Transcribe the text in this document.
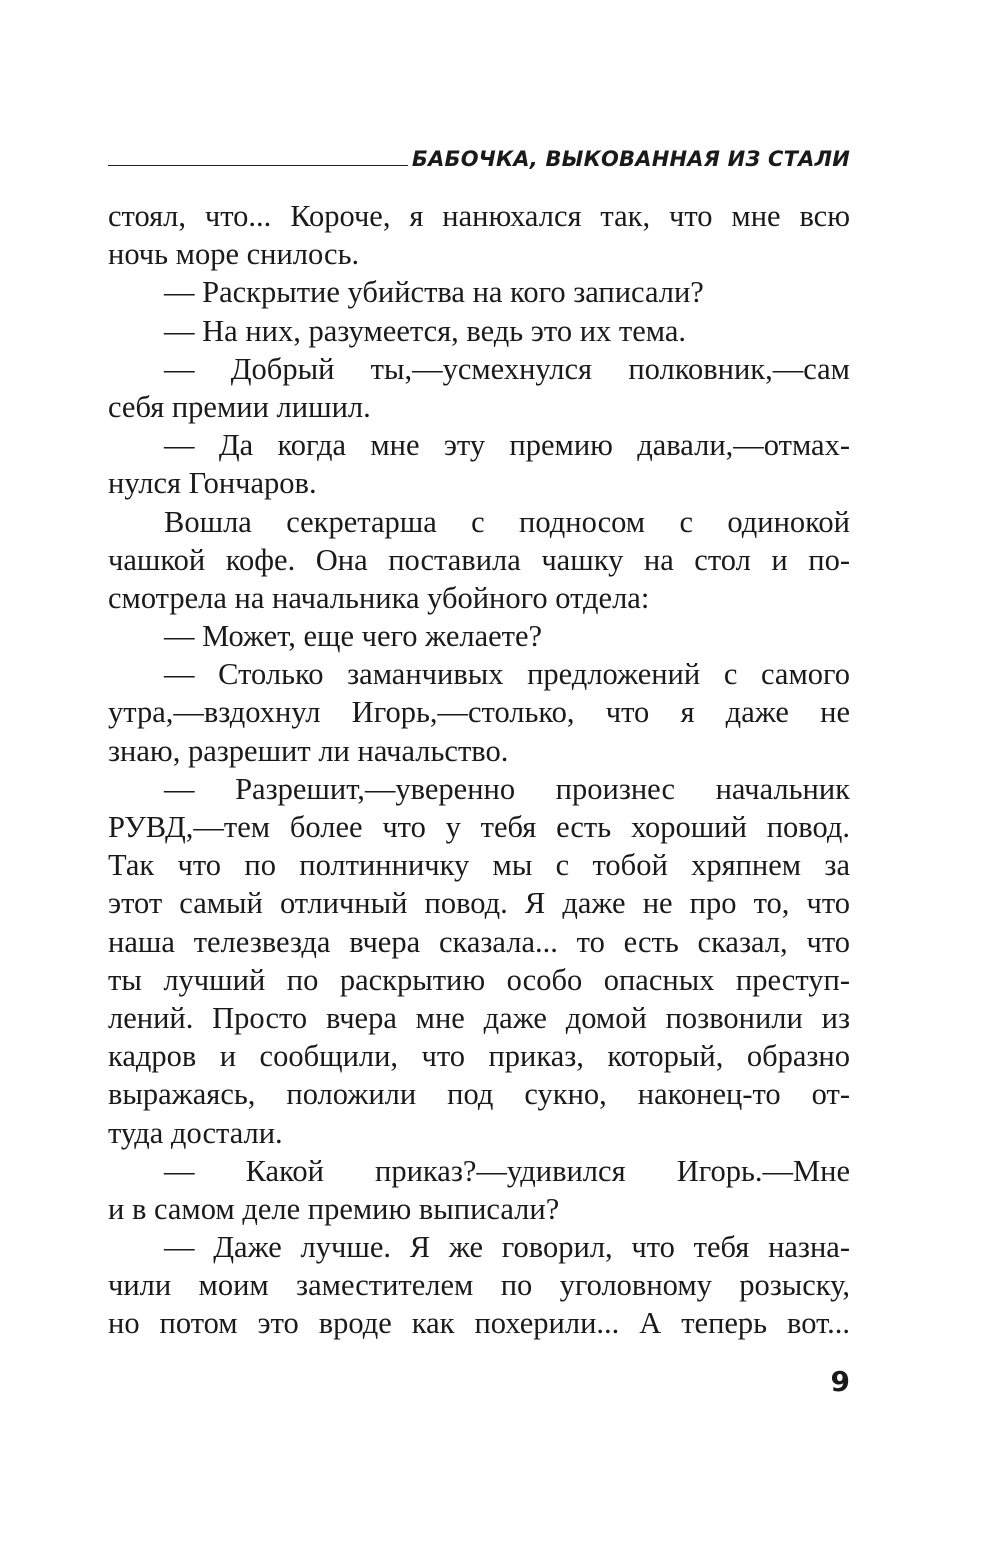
БАБОЧКА, ВЫКОВАННАЯ ИЗ СТАЛИ
стоял, что... Короче, я нанюхался так, что мне всю
ночь море снилось.
— Раскрытие убийства на кого записали?
— На них, разумеется, ведь это их тема.
— Добрый ты,—усмехнулся полковник,—сам
себя премии лишил.
— Да когда мне эту премию давали,—отмах-
нулся Гончаров.
Вошла секретарша с подносом с одинокой
чашкой кофе. Она поставила чашку на стол и по-
смотрела на начальника убойного отдела:
— Может, еще чего желаете?
— Столько заманчивых предложений с самого
утра,—вздохнул Игорь,—столько, что я даже не
знаю, разрешит ли начальство.
— Разрешит,—уверенно произнес начальник
РУВД,—тем более что у тебя есть хороший повод.
Так что по полтинничку мы с тобой хряпнем за
этот самый отличный повод. Я даже не про то, что
наша телезвезда вчера сказала... то есть сказал, что
ты лучший по раскрытию особо опасных преступ-
лений. Просто вчера мне даже домой позвонили из
кадров и сообщили, что приказ, который, образно
выражаясь, положили под сукно, наконец-то от-
туда достали.
— Какой приказ?—удивился Игорь.—Мне
и в самом деле премию выписали?
— Даже лучше. Я же говорил, что тебя назна-
чили моим заместителем по уголовному розыску,
но потом это вроде как похерили... А теперь вот...
9
